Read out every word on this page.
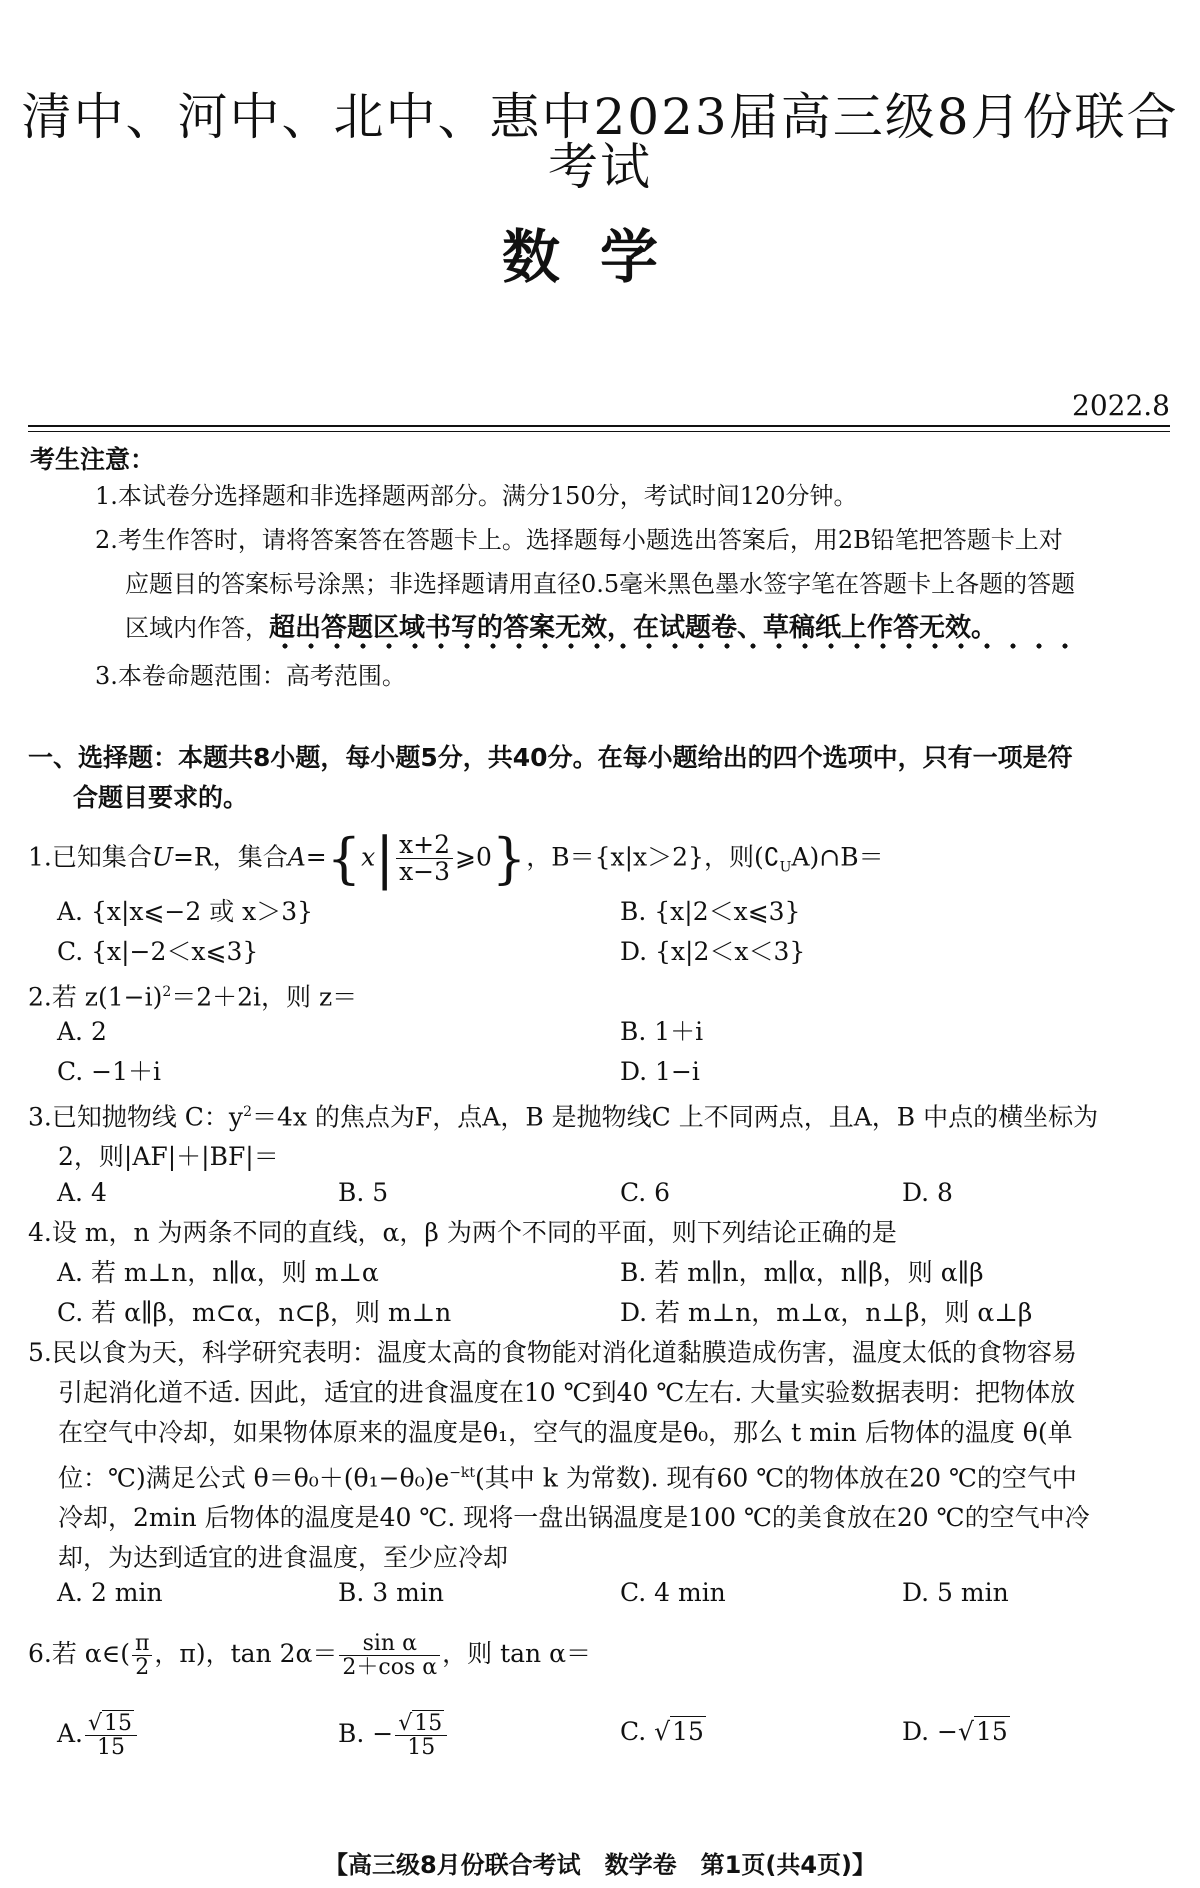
清中、河中、北中、惠中2023届高三级8月份联合考试
数学
2022.8
考生注意：
1.本试卷分选择题和非选择题两部分。满分150分，考试时间120分钟。
2.考生作答时，请将答案答在答题卡上。选择题每小题选出答案后，用2B铅笔把答题卡上对
应题目的答案标号涂黑；非选择题请用直径0.5毫米黑色墨水签字笔在答题卡上各题的答题
区域内作答，超出答题区域书写的答案无效，在试题卷、草稿纸上作答无效。
3.本卷命题范围：高考范围。
一、选择题：本题共8小题，每小题5分，共40分。在每小题给出的四个选项中，只有一项是符
合题目要求的。
1.已知集合U=R，集合$A=\{x| \frac{x+2}{x-3}$ ⩾0}，B＝{x|x＞2}，则$(∁_UA)\cap B=$
A. {x|x⩽−2 或 x＞3}	B. {x|2＜x⩽3}
C. {x|−2＜x⩽3}	D. {x|2＜x＜3}
2.若 $z(1-i)^2=2+2i$，则 z＝
A. 2	B. 1＋i
C. −1＋i	D. 1−i
3.已知抛物线 C：$y^2=4x$ 的焦点为F，点A，B 是抛物线C 上不同两点，且A，B 中点的横坐标为
2，则|AF|＋|BF|＝
A. 4	B. 5	C. 6	D. 8
4.设 m，n 为两条不同的直线，α，β 为两个不同的平面，则下列结论正确的是
A. 若 m⊥n，n∥α，则 m⊥α	B. 若 m∥n，m∥α，n∥β，则 α∥β
C. 若 α∥β，m⊂α，n⊂β，则 m⊥n	D. 若 m⊥n，m⊥α，n⊥β，则 α⊥β
5.民以食为天，科学研究表明：温度太高的食物能对消化道黏膜造成伤害，温度太低的食物容易
引起消化道不适. 因此，适宜的进食温度在10 ℃到40 ℃左右. 大量实验数据表明：把物体放
在空气中冷却，如果物体原来的温度是θ₁，空气的温度是θ₀，那么 t min 后物体的温度 θ(单
位：℃)满足公式 $\theta=\theta_0+(\theta_1-\theta_0)e^{-kt}$(其中 k 为常数). 现有60 ℃的物体放在20 ℃的空气中
冷却，2min 后物体的温度是40 ℃. 现将一盘出锅温度是100 ℃的美食放在20 ℃的空气中冷
却，为达到适宜的进食温度，至少应冷却
A. 2 min	B. 3 min	C. 4 min	D. 5 min
6.若 α∈( $\frac{\pi}{2}$ ，π)，$\tan 2\alpha= \frac{\text{sin α}}{\text{2＋cos α}}$ ，则 tan α＝
A. $\frac{√15}{15}$	B. − $\frac{√15}{15}$	C. √15	D. −√15
【高三级8月份联合考试　数学卷　第1页(共4页)】
